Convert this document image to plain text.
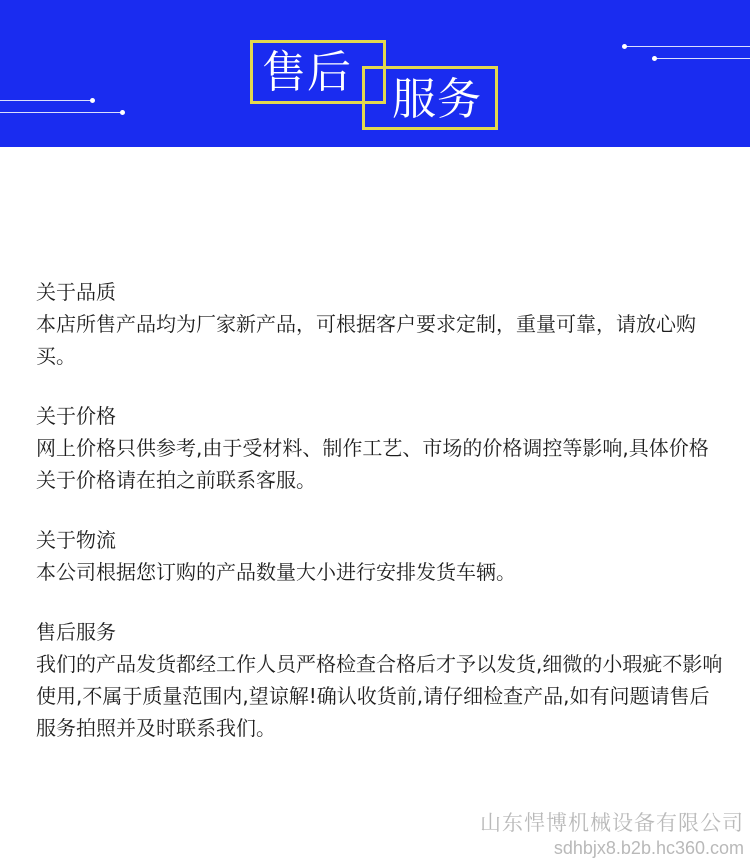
售后
服务
关于品质
本店所售产品均为厂家新产品，可根据客户要求定制，重量可靠，请放心购买。
关于价格
网上价格只供参考,由于受材料、制作工艺、市场的价格调控等影响,具体价格关于价格请在拍之前联系客服。
关于物流
本公司根据您订购的产品数量大小进行安排发货车辆。
售后服务
我们的产品发货都经工作人员严格检查合格后才予以发货,细微的小瑕疵不影响使用,不属于质量范围内,望谅解!确认收货前,请仔细检查产品,如有问题请售后服务拍照并及时联系我们。
山东悍博机械设备有限公司
sdhbjx8.b2b.hc360.com
